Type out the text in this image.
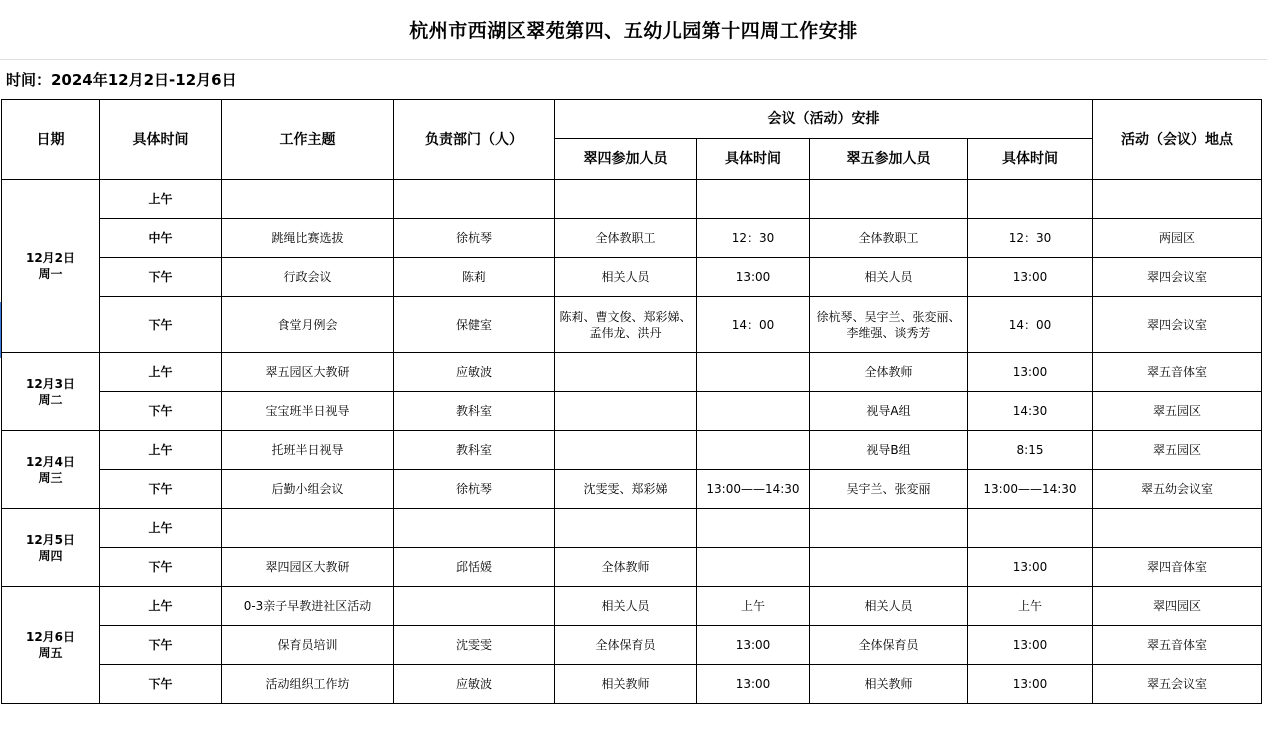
杭州市西湖区翠苑第四、五幼儿园第十四周工作安排
时间：2024年12月2日-12月6日
日期	具体时间	工作主题	负责部门（人）	会议（活动）安排				活动（会议）地点
				翠四参加人员	具体时间	翠五参加人员	具体时间	

12月2日
周一	上午							
	中午	跳绳比赛选拔	徐杭琴	全体教职工	12：30	全体教职工	12：30	两园区
	下午	行政会议	陈莉	相关人员	13:00	相关人员	13:00	翠四会议室
	下午	食堂月例会	保健室	陈莉、曹文俊、郑彩娣、孟伟龙、洪丹	14：00	徐杭琴、吴宇兰、张変丽、李维强、谈秀芳	14：00	翠四会议室

12月3日
周二	上午	翠五园区大教研	应敏波			全体教师	13:00	翠五音体室
	下午	宝宝班半日视导	教科室			视导A组	14:30	翠五园区

12月4日
周三	上午	托班半日视导	教科室			视导B组	8:15	翠五园区
	下午	后勤小组会议	徐杭琴	沈雯雯、郑彩娣	13:00——14:30	吴宇兰、张変丽	13:00——14:30	翠五幼会议室

12月5日
周四	上午							
	下午	翠四园区大教研	邱恬媛	全体教师			13:00	翠四音体室

12月6日
周五	上午	0-3亲子早教进社区活动		相关人员	上午	相关人员	上午	翠四园区
	下午	保育员培训	沈雯雯	全体保育员	13:00	全体保育员	13:00	翠五音体室
	下午	活动组织工作坊	应敏波	相关教师	13:00	相关教师	13:00	翠五会议室
